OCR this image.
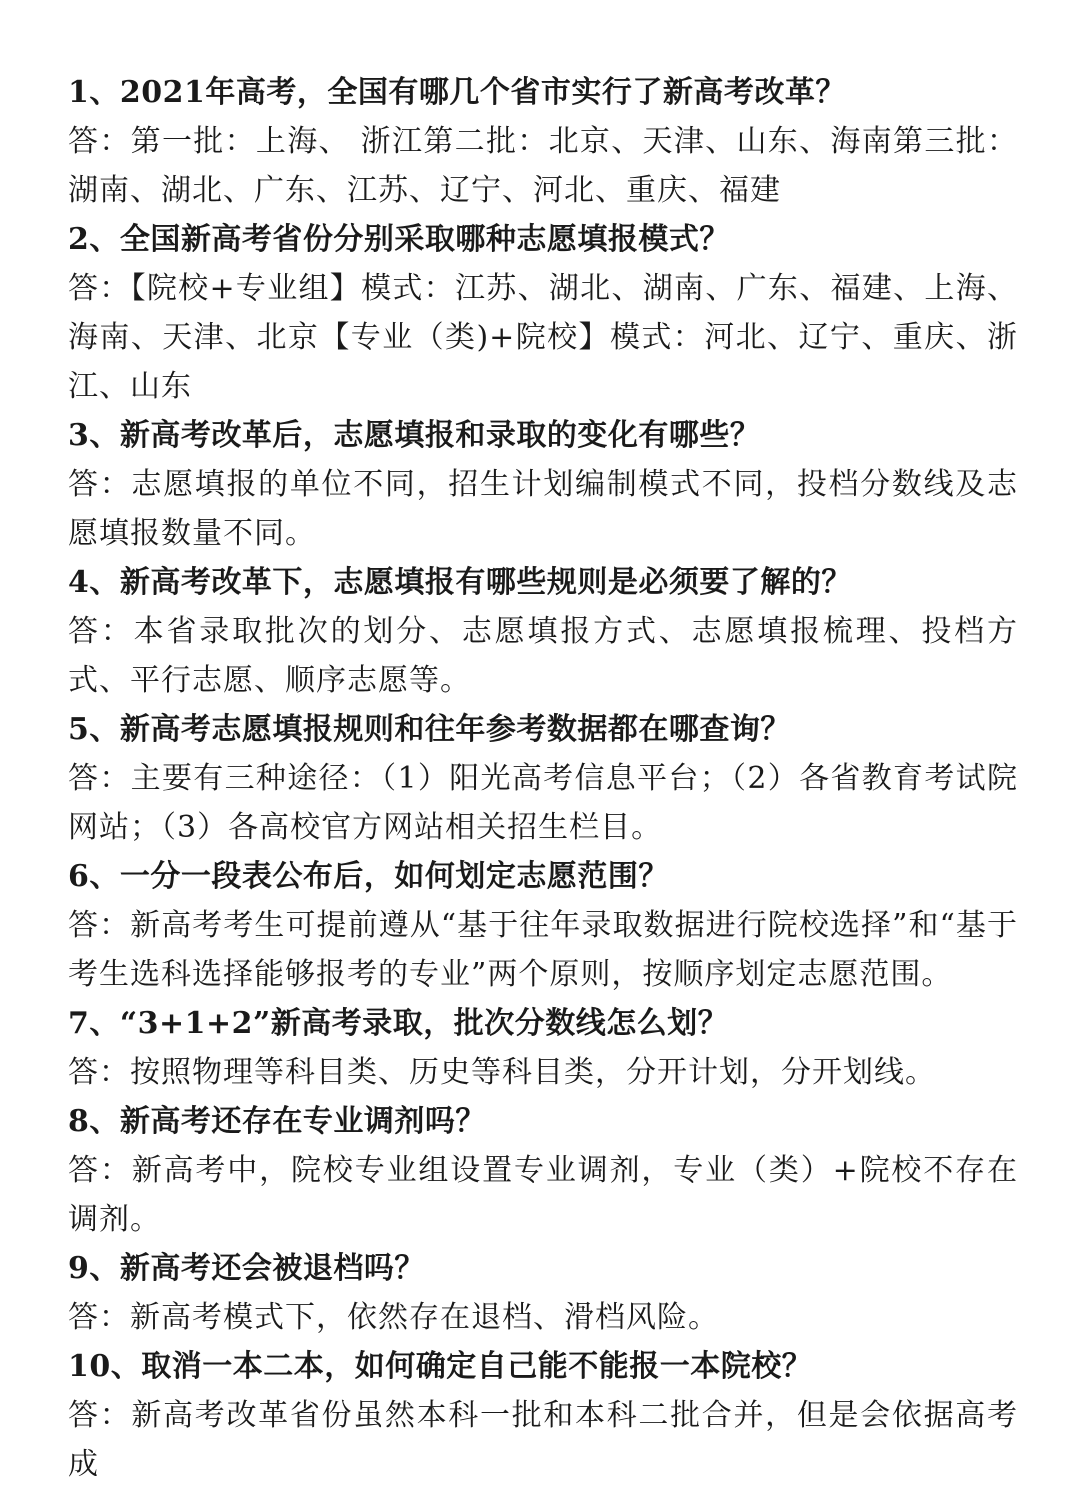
1、2021年高考，全国有哪几个省市实行了新高考改革？

答：第一批：上海、 浙江第二批：北京、天津、山东、海南第三批：湖南、湖北、广东、江苏、辽宁、河北、重庆、福建

2、全国新高考省份分别采取哪种志愿填报模式？

答：【院校+专业组】模式：江苏、湖北、湖南、广东、福建、上海、海南、天津、北京【专业（类)+院校】模式：河北、辽宁、重庆、浙江、山东

3、新高考改革后，志愿填报和录取的变化有哪些？

答：志愿填报的单位不同，招生计划编制模式不同，投档分数线及志愿填报数量不同。

4、新高考改革下，志愿填报有哪些规则是必须要了解的？

答：本省录取批次的划分、志愿填报方式、志愿填报梳理、投档方式、平行志愿、顺序志愿等。

5、新高考志愿填报规则和往年参考数据都在哪查询？

答：主要有三种途径：（1）阳光高考信息平台；（2）各省教育考试院网站；（3）各高校官方网站相关招生栏目。

6、一分一段表公布后，如何划定志愿范围？

答：新高考考生可提前遵从“基于往年录取数据进行院校选择”和“基于考生选科选择能够报考的专业”两个原则，按顺序划定志愿范围。

7、“3+1+2”新高考录取，批次分数线怎么划？

答：按照物理等科目类、历史等科目类，分开计划，分开划线。

8、新高考还存在专业调剂吗？

答：新高考中，院校专业组设置专业调剂，专业（类）+院校不存在调剂。

9、新高考还会被退档吗？

答：新高考模式下，依然存在退档、滑档风险。

10、取消一本二本，如何确定自己能不能报一本院校？

答：新高考改革省份虽然本科一批和本科二批合并，但是会依据高考成
